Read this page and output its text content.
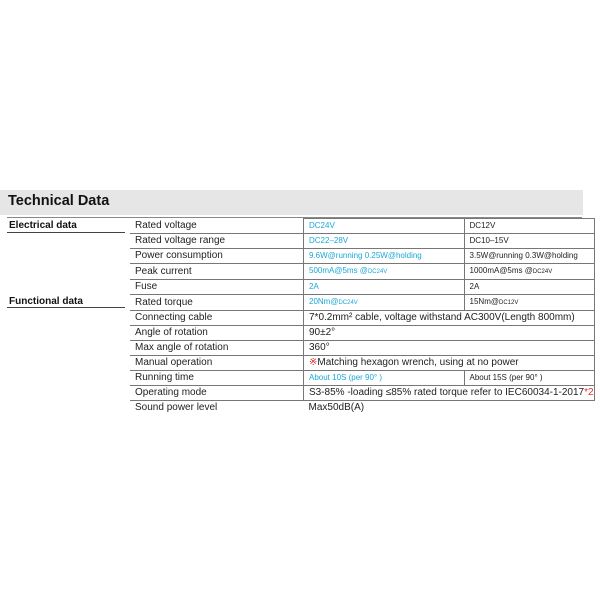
Technical Data
Electrical data
Functional data
Rated voltage	DC24V	DC12V
Rated voltage range	DC22–28V	DC10–15V
Power consumption	9.6W@running 0.25W@holding	3.5W@running 0.3W@holding
Peak current	500mA@5ms @DC24V	1000mA@5ms @DC24V
Fuse	2A	2A
Rated torque	20Nm@DC24V	15Nm@DC12V
Connecting cable	7*0.2mm² cable, voltage withstand AC300V(Length 800mm)	
Angle of rotation	90±2°	
Max angle of rotation	360°	
Manual operation	※Matching hexagon wrench, using at no power	
Running time	About 10S (per 90° )	About 15S (per 90° )
Operating mode	S3-85% -loading ≤85% rated torque refer to IEC60034-1-2017*2	
Sound power level	Max50dB(A)	
